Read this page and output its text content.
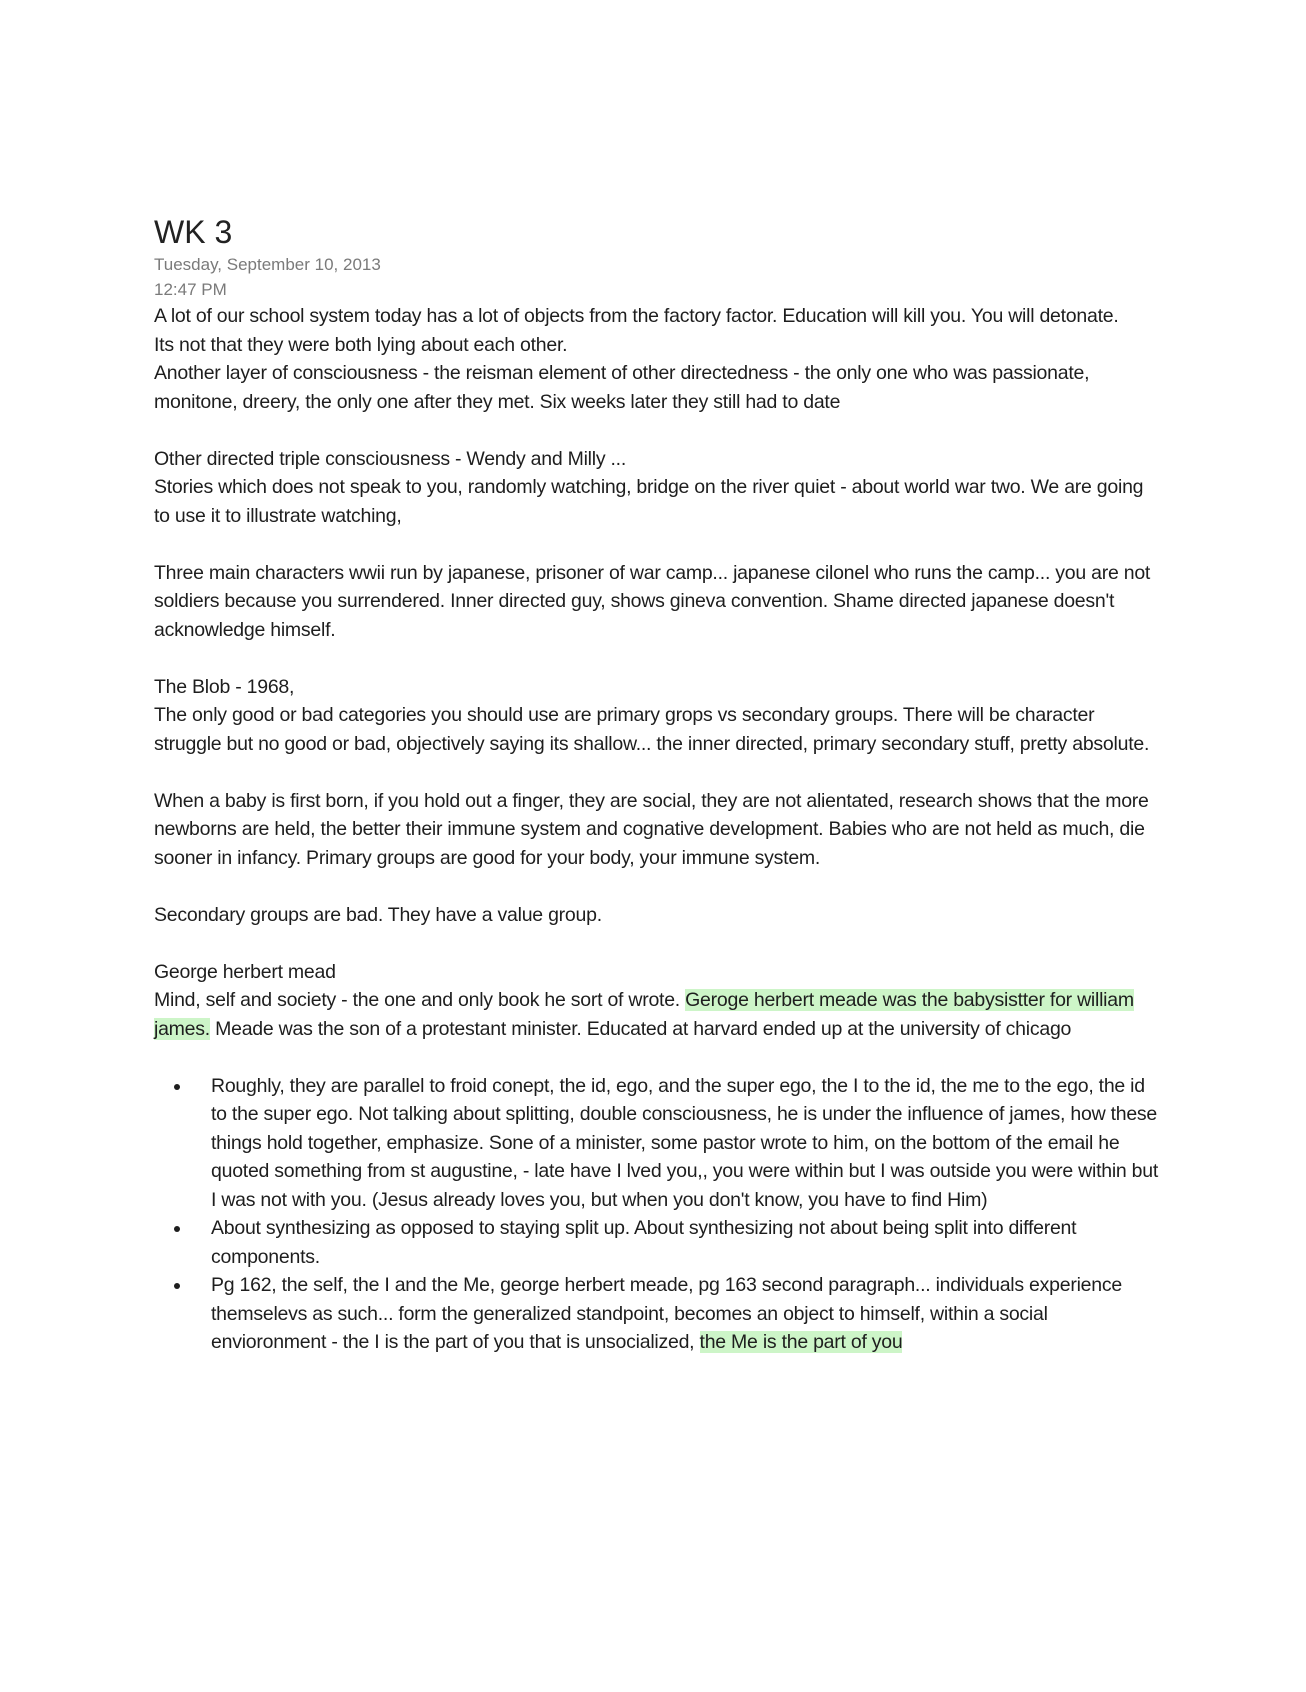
WK 3
Tuesday, September 10, 2013
12:47 PM

A lot of our school system today has a lot of objects from the factory factor. Education will kill you. You will detonate.

Its not that they were both lying about each other.

Another layer of consciousness - the reisman element of other directedness - the only one who was passionate, monitone, dreery, the only one after they met. Six weeks later they still had to date

Other directed triple consciousness - Wendy and Milly ...

Stories which does not speak to you, randomly watching, bridge on the river quiet - about world war two. We are going to use it to illustrate watching,

Three main characters wwii run by japanese, prisoner of war camp... japanese cilonel who runs the camp... you are not soldiers because you surrendered. Inner directed guy, shows gineva convention. Shame directed japanese doesn't acknowledge himself.

The Blob - 1968,

The only good or bad categories you should use are primary grops vs secondary groups. There will be character struggle but no good or bad, objectively saying its shallow... the inner directed, primary secondary stuff, pretty absolute.

When a baby is first born, if you hold out a finger, they are social, they are not alientated, research shows that the more newborns are held, the better their immune system and cognative development. Babies who are not held as much, die sooner in infancy. Primary groups are good for your body, your immune system.

Secondary groups are bad. They have a value group.

George herbert mead

Mind, self and society - the one and only book he sort of wrote. Geroge herbert meade was the babysistter for william james. Meade was the son of a protestant minister. Educated at harvard ended up at the university of chicago

Roughly, they are parallel to froid conept, the id, ego, and the super ego, the I to the id, the me to the ego, the id to the super ego. Not talking about splitting, double consciousness, he is under the influence of james, how these things hold together, emphasize. Sone of a minister, some pastor wrote to him, on the bottom of the email he quoted something from st augustine, - late have I lved you,, you were within but I was outside you were within but I was not with you. (Jesus already loves you, but when you don't know, you have to find Him)
About synthesizing as opposed to staying split up. About synthesizing not about being split into different components.
Pg 162, the self, the I and the Me, george herbert meade, pg 163 second paragraph... individuals experience themselevs as such... form the generalized standpoint, becomes an object to himself, within a social envioronment - the I is the part of you that is unsocialized, the Me is the part of you
